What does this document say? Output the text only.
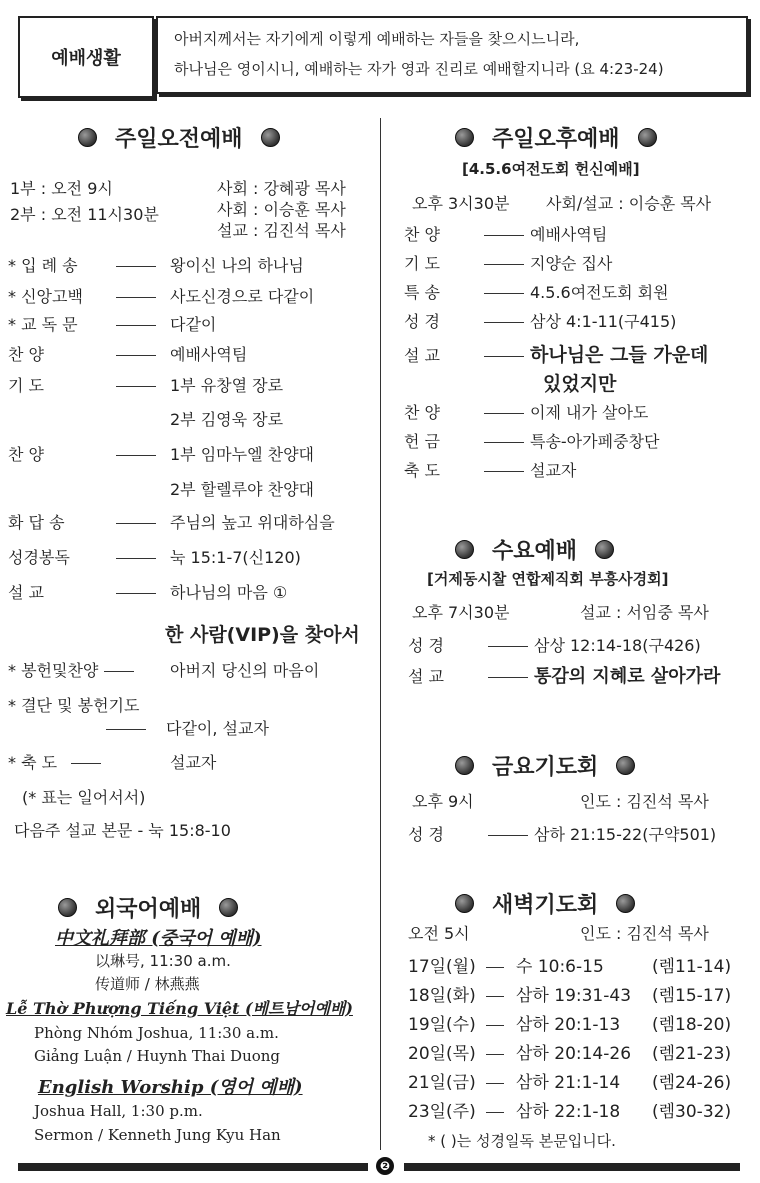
예배생활
아버지께서는 자기에게 이렇게 예배하는 자들을 찾으시느니라,
하나님은 영이시니, 예배하는 자가 영과 진리로 예배할지니라 (요 4:23-24)
주일오전예배
1부 : 오전 9시
2부 : 오전 11시30분
사회 : 강혜광 목사
사회 : 이승훈 목사
설교 : 김진석 목사
* 입 례 송	왕이신 나의 하나님
* 신앙고백	사도신경으로 다같이
* 교 독 문	다같이
찬 양	예배사역팀
기 도	1부 유창열 장로
2부 김영욱 장로
찬 양	1부 임마누엘 찬양대
2부 할렐루야 찬양대
화 답 송	주님의 높고 위대하심을
성경봉독	눅 15:1-7(신120)
설 교	하나님의 마음 ①
한 사람(VIP)을 찾아서
* 봉헌및찬양	아버지 당신의 마음이
* 결단 및 봉헌기도
다같이, 설교자
* 축 도	설교자
(* 표는 일어서서)
다음주 설교 본문 - 눅 15:8-10
외국어예배
中文礼拜部 (중국어 예배)
以琳号, 11:30 a.m.
传道师 / 林燕燕
Lễ Thờ Phượng Tiếng Việt (베트남어예배)
Phòng Nhóm Joshua, 11:30 a.m.
Giảng Luận / Huynh Thai Duong
English Worship (영어 예배)
Joshua Hall, 1:30 p.m.
Sermon / Kenneth Jung Kyu Han
주일오후예배
[4.5.6여전도회 헌신예배]
오후 3시30분 사회/설교 : 이승훈 목사
찬 양	예배사역팀
기 도	지양순 집사
특 송	4.5.6여전도회 회원
성 경	삼상 4:1-11(구415)
설 교	하나님은 그들 가운데
있었지만
찬 양	이제 내가 살아도
헌 금	특송-아가페중창단
축 도	설교자
수요예배
[거제동시찰 연합제직회 부흥사경회]
오후 7시30분	설교 : 서임중 목사
성 경	삼상 12:14-18(구426)
설 교	통감의 지혜로 살아가라
금요기도회
오후 9시	인도 : 김진석 목사
성 경	삼하 21:15-22(구약501)
새벽기도회
오전 5시	인도 : 김진석 목사
17일(월) 수 10:6-15	(렘11-14)
18일(화) 삼하 19:31-43 (렘15-17)
19일(수) 삼하 20:1-13 (렘18-20)
20일(목) 삼하 20:14-26 (렘21-23)
21일(금) 삼하 21:1-14 (렘24-26)
23일(주) 삼하 22:1-18 (렘30-32)
* ( )는 성경일독 본문입니다.
❷
